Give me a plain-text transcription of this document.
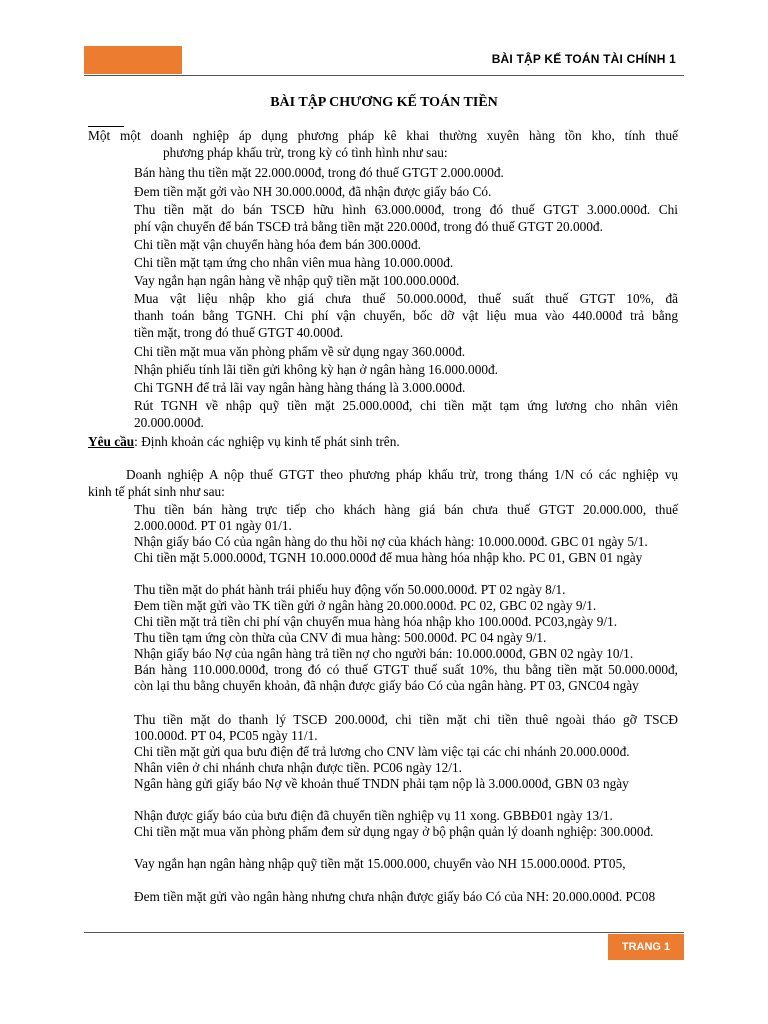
BÀI TẬP KẾ TOÁN TÀI CHÍNH 1
BÀI TẬP CHƯƠNG KẾ TOÁN TIỀN
Một một doanh nghiệp áp dụng phương pháp kê khai thường xuyên hàng tồn kho, tính thuế
phương pháp khấu trừ, trong kỳ có tình hình như sau:
Bán hàng thu tiền mặt 22.000.000đ, trong đó thuế GTGT 2.000.000đ.
Đem tiền mặt gởi vào NH 30.000.000đ, đã nhận được giấy báo Có.
Thu tiền mặt do bán TSCĐ hữu hình 63.000.000đ, trong đó thuế GTGT 3.000.000đ. Chi
phí vận chuyển để bán TSCĐ trả bằng tiền mặt 220.000đ, trong đó thuế GTGT 20.000đ.
Chi tiền mặt vận chuyển hàng hóa đem bán 300.000đ.
Chi tiền mặt tạm ứng cho nhân viên mua hàng 10.000.000đ.
Vay ngắn hạn ngân hàng về nhập quỹ tiền mặt 100.000.000đ.
Mua vật liệu nhập kho giá chưa thuế 50.000.000đ, thuế suất thuế GTGT 10%, đã
thanh toán bằng TGNH. Chi phí vận chuyển, bốc dỡ vật liệu mua vào 440.000đ trả bằng
tiền mặt, trong đó thuế GTGT 40.000đ.
Chi tiền mặt mua văn phòng phẩm về sử dụng ngay 360.000đ.
Nhận phiếu tính lãi tiền gửi không kỳ hạn ở ngân hàng 16.000.000đ.
Chi TGNH để trả lãi vay ngân hàng hàng tháng là 3.000.000đ.
Rút TGNH về nhập quỹ tiền mặt 25.000.000đ, chi tiền mặt tạm ứng lương cho nhân viên
20.000.000đ.
Yêu cầu: Định khoản các nghiệp vụ kinh tế phát sinh trên.
Doanh nghiệp A nộp thuế GTGT theo phương pháp khấu trừ, trong tháng 1/N có các nghiệp vụ
kinh tế phát sinh như sau:
Thu tiền bán hàng trực tiếp cho khách hàng giá bán chưa thuế GTGT 20.000.000, thuế
2.000.000đ. PT 01 ngày 01/1.
Nhận giấy báo Có của ngân hàng do thu hồi nợ của khách hàng: 10.000.000đ. GBC 01 ngày 5/1.
Chi tiền mặt 5.000.000đ, TGNH 10.000.000đ để mua hàng hóa nhập kho. PC 01, GBN 01 ngày
Thu tiền mặt do phát hành trái phiếu huy động vốn 50.000.000đ. PT 02 ngày 8/1.
Đem tiền mặt gửi vào TK tiền gửi ở ngân hàng 20.000.000đ. PC 02, GBC 02 ngày 9/1.
Chi tiền mặt trả tiền chi phí vận chuyển mua hàng hóa nhập kho 100.000đ. PC03,ngày 9/1.
Thu tiền tạm ứng còn thừa của CNV đi mua hàng: 500.000đ. PC 04 ngày 9/1.
Nhận giấy báo Nợ của ngân hàng trả tiền nợ cho người bán: 10.000.000đ, GBN 02 ngày 10/1.
Bán hàng 110.000.000đ, trong đó có thuế GTGT thuế suất 10%, thu bằng tiền mặt 50.000.000đ,
còn lại thu bằng chuyển khoản, đã nhận được giấy báo Có của ngân hàng. PT 03, GNC04 ngày
Thu tiền mặt do thanh lý TSCĐ 200.000đ, chi tiền mặt chi tiền thuê ngoài tháo gỡ TSCĐ
100.000đ. PT 04, PC05 ngày 11/1.
Chi tiền mặt gửi qua bưu điện để trả lương cho CNV làm việc tại các chi nhánh 20.000.000đ.
Nhân viên ở chi nhánh chưa nhận được tiền. PC06 ngày 12/1.
Ngân hàng gửi giấy báo Nợ về khoản thuế TNDN phải tạm nộp là 3.000.000đ, GBN 03 ngày
Nhận được giấy báo của bưu điện đã chuyển tiền nghiệp vụ 11 xong. GBBĐ01 ngày 13/1.
Chi tiền mặt mua văn phòng phẩm đem sử dụng ngay ở bộ phận quản lý doanh nghiệp: 300.000đ.
Vay ngắn hạn ngân hàng nhập quỹ tiền mặt 15.000.000, chuyển vào NH 15.000.000đ. PT05,
Đem tiền mặt gửi vào ngân hàng nhưng chưa nhận được giấy báo Có của NH: 20.000.000đ. PC08
TRANG 1
